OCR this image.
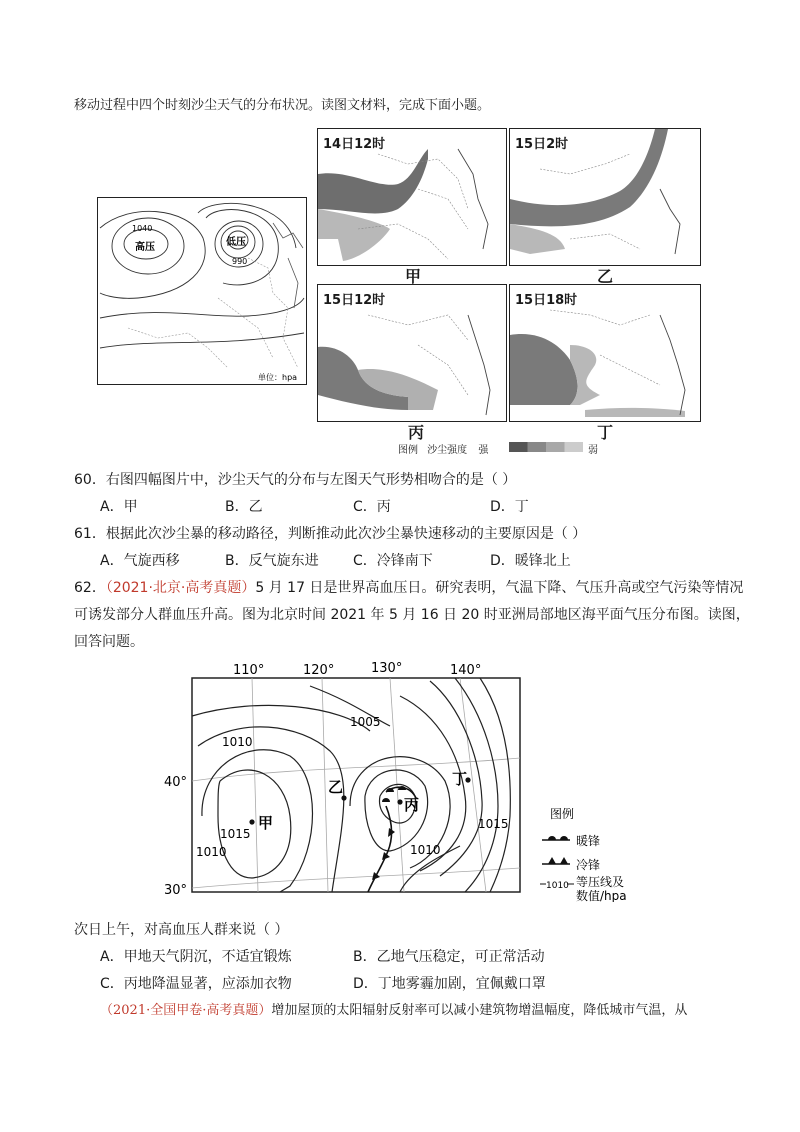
移动过程中四个时刻沙尘天气的分布状况。读图文材料，完成下面小题。
1040
高压	低压
990
单位：hpa
14日12时	15日2时
15日12时	15日18时
甲	乙
丙	丁
图例 沙尘强度 强	弱
60．右图四幅图片中，沙尘天气的分布与左图天气形势相吻合的是（ ）
A．甲	B．乙	C．丙	D．丁
61．根据此次沙尘暴的移动路径，判断推动此次沙尘暴快速移动的主要原因是（ ）
A．气旋西移	B．反气旋东进 C．冷锋南下	D．暖锋北上
62．（2021·北京·高考真题）5 月 17 日是世界高血压日。研究表明，气温下降、气压升高或空气污染等情况
可诱发部分人群血压升高。图为北京时间 2021 年 5 月 16 日 20 时亚洲局部地区海平面气压分布图。读图，
回答问题。
110°	120°	130°	140°
40°
30°
1005
1010
1015
1015
1010	1010
甲
乙
丙
丁
图例
暖锋
冷锋
1010 等压线及
数值/hpa
次日上午，对高血压人群来说（ ）
A．甲地天气阴沉，不适宜锻炼	B．乙地气压稳定，可正常活动
C．丙地降温显著，应添加衣物	D．丁地雾霾加剧，宜佩戴口罩
（2021·全国甲卷·高考真题）增加屋顶的太阳辐射反射率可以减小建筑物增温幅度，降低城市气温，从
